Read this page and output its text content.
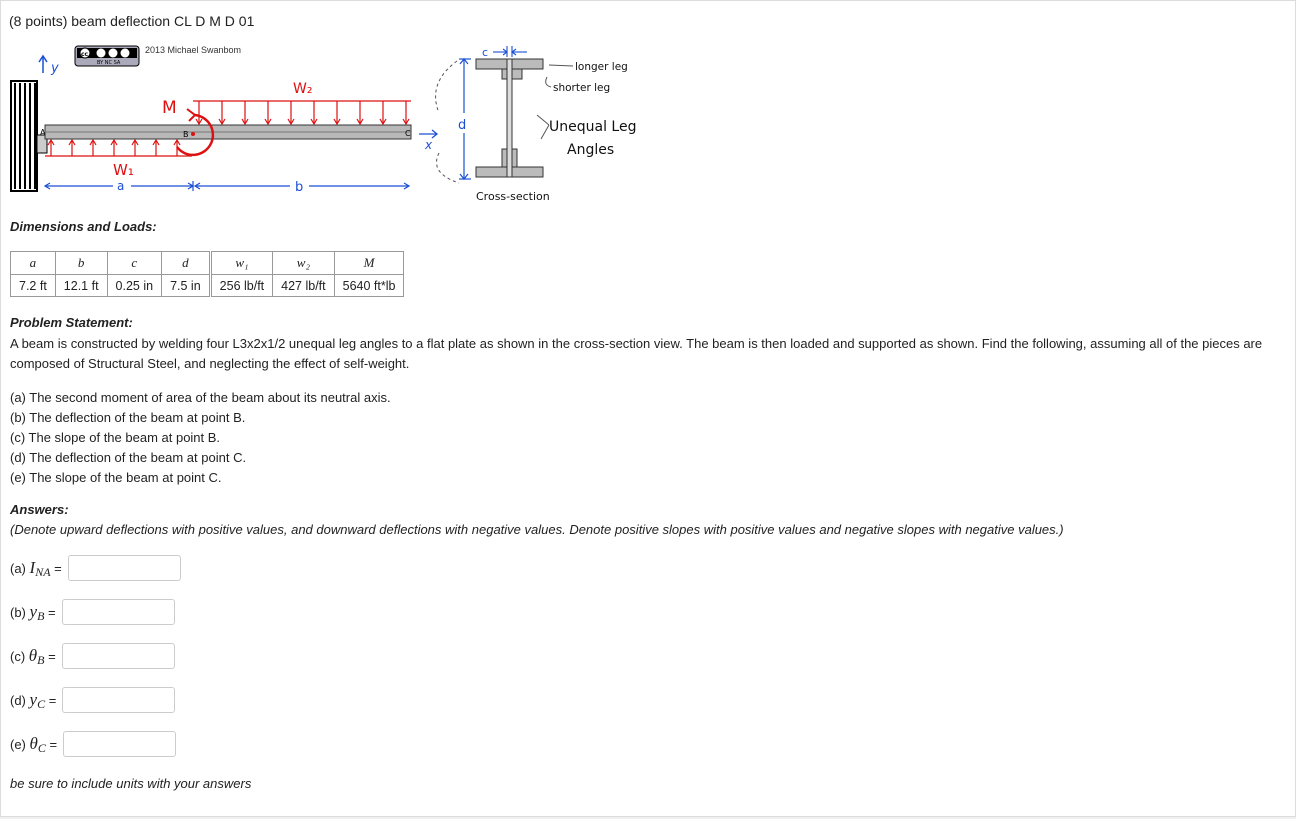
(8 points) beam deflection CL D M D 01
y
A	B	C
W₁
W₂
M
a	b
x
d
c
longer leg
shorter leg
Unequal Leg
Angles
Cross-section
cc
BY NC SA
2013 Michael Swanbom
Dimensions and Loads:
a	b	c	d	w₁	w₂	M
7.2 ft	12.1 ft	0.25 in	7.5 in	256 lb/ft	427 lb/ft	5640 ft*lb
Problem Statement:
A beam is constructed by welding four L3x2x1/2 unequal leg angles to a flat plate as shown in the cross-section view. The beam is then loaded and supported as shown. Find the following, assuming all of the pieces are composed of Structural Steel, and neglecting the effect of self-weight.
(a) The second moment of area of the beam about its neutral axis.
(b) The deflection of the beam at point B.
(c) The slope of the beam at point B.
(d) The deflection of the beam at point C.
(e) The slope of the beam at point C.
Answers:
(Denote upward deflections with positive values, and downward deflections with negative values. Denote positive slopes with positive values and negative slopes with negative values.)
(a) INA =
(b) yB =
(c) θB =
(d) yC =
(e) θC =
be sure to include units with your answers
